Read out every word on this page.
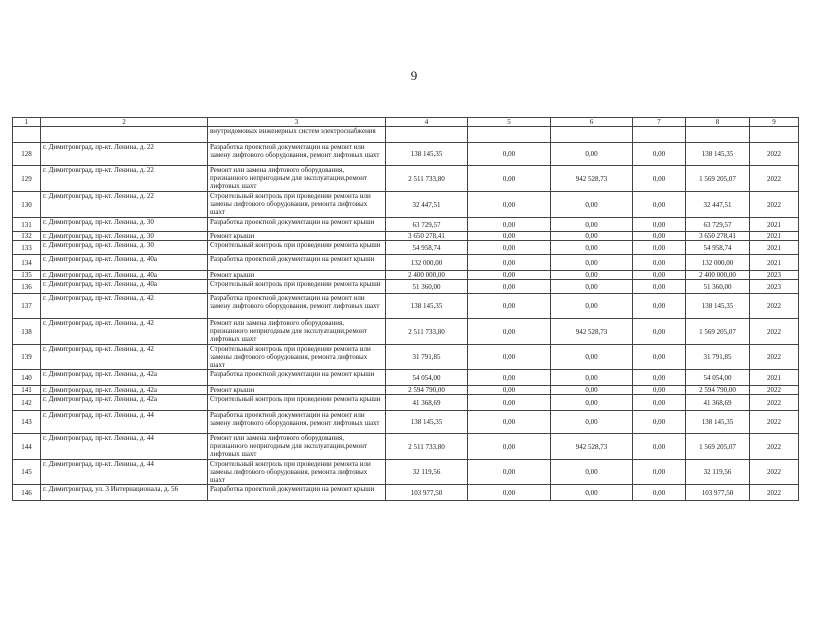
9
1	2	3	4	5	6	7	8	9
		внутридомовых инженерных систем электроснабжения						
128	г. Димитровград, пр-кт. Ленина, д. 22	Разработка проектной документации на ремонт или замену лифтового оборудования, ремонт лифтовых шахт	138 145,35	0,00	0,00	0,00	138 145,35	2022
129	г. Димитровград, пр-кт. Ленина, д. 22	Ремонт или замена лифтового оборудования, признанного непригодным для эксплуатации,ремонт лифтовых шахт	2 511 733,80	0,00	942 528,73	0,00	1 569 205,07	2022
130	г. Димитровград, пр-кт. Ленина, д. 22	Строительный контроль при проведении ремонта или замены лифтового оборудования, ремонта лифтовых шахт	32 447,51	0,00	0,00	0,00	32 447,51	2022
131	г. Димитровград, пр-кт. Ленина, д. 30	Разработка проектной документации на ремонт крыши	63 729,57	0,00	0,00	0,00	63 729,57	2021
132	г. Димитровград, пр-кт. Ленина, д. 30	Ремонт крыши	3 650 278,41	0,00	0,00	0,00	3 650 278,41	2021
133	г. Димитровград, пр-кт. Ленина, д. 30	Строительный контроль при проведении ремонта крыши	54 958,74	0,00	0,00	0,00	54 958,74	2021
134	г. Димитровград, пр-кт. Ленина, д. 40а	Разработка проектной документации на ремонт крыши	132 000,00	0,00	0,00	0,00	132 000,00	2021
135	г. Димитровград, пр-кт. Ленина, д. 40а	Ремонт крыши	2 400 000,00	0,00	0,00	0,00	2 400 000,00	2023
136	г. Димитровград, пр-кт. Ленина, д. 40а	Строительный контроль при проведении ремонта крыши	51 360,00	0,00	0,00	0,00	51 360,00	2023
137	г. Димитровград, пр-кт. Ленина, д. 42	Разработка проектной документации на ремонт или замену лифтового оборудования, ремонт лифтовых шахт	138 145,35	0,00	0,00	0,00	138 145,35	2022
138	г. Димитровград, пр-кт. Ленина, д. 42	Ремонт или замена лифтового оборудования, признанного непригодным для эксплуатации,ремонт лифтовых шахт	2 511 733,80	0,00	942 528,73	0,00	1 569 205,07	2022
139	г. Димитровград, пр-кт. Ленина, д. 42	Строительный контроль при проведении ремонта или замены лифтового оборудования, ремонта лифтовых шахт	31 791,85	0,00	0,00	0,00	31 791,85	2022
140	г. Димитровград, пр-кт. Ленина, д. 42а	Разработка проектной документации на ремонт крыши	54 054,00	0,00	0,00	0,00	54 054,00	2021
141	г. Димитровград, пр-кт. Ленина, д. 42а	Ремонт крыши	2 594 790,00	0,00	0,00	0,00	2 594 790,00	2022
142	г. Димитровград, пр-кт. Ленина, д. 42а	Строительный контроль при проведении ремонта крыши	41 368,69	0,00	0,00	0,00	41 368,69	2022
143	г. Димитровград, пр-кт. Ленина, д. 44	Разработка проектной документации на ремонт или замену лифтового оборудования, ремонт лифтовых шахт	138 145,35	0,00	0,00	0,00	138 145,35	2022
144	г. Димитровград, пр-кт. Ленина, д. 44	Ремонт или замена лифтового оборудования, признанного непригодным для эксплуатации,ремонт лифтовых шахт	2 511 733,80	0,00	942 528,73	0,00	1 569 205,07	2022
145	г. Димитровград, пр-кт. Ленина, д. 44	Строительный контроль при проведении ремонта или замены лифтового оборудования, ремонта лифтовых шахт	32 119,56	0,00	0,00	0,00	32 119,56	2022
146	г. Димитровград, ул. 3 Интернационала, д. 56	Разработка проектной документации на ремонт крыши	103 977,50	0,00	0,00	0,00	103 977,50	2022
